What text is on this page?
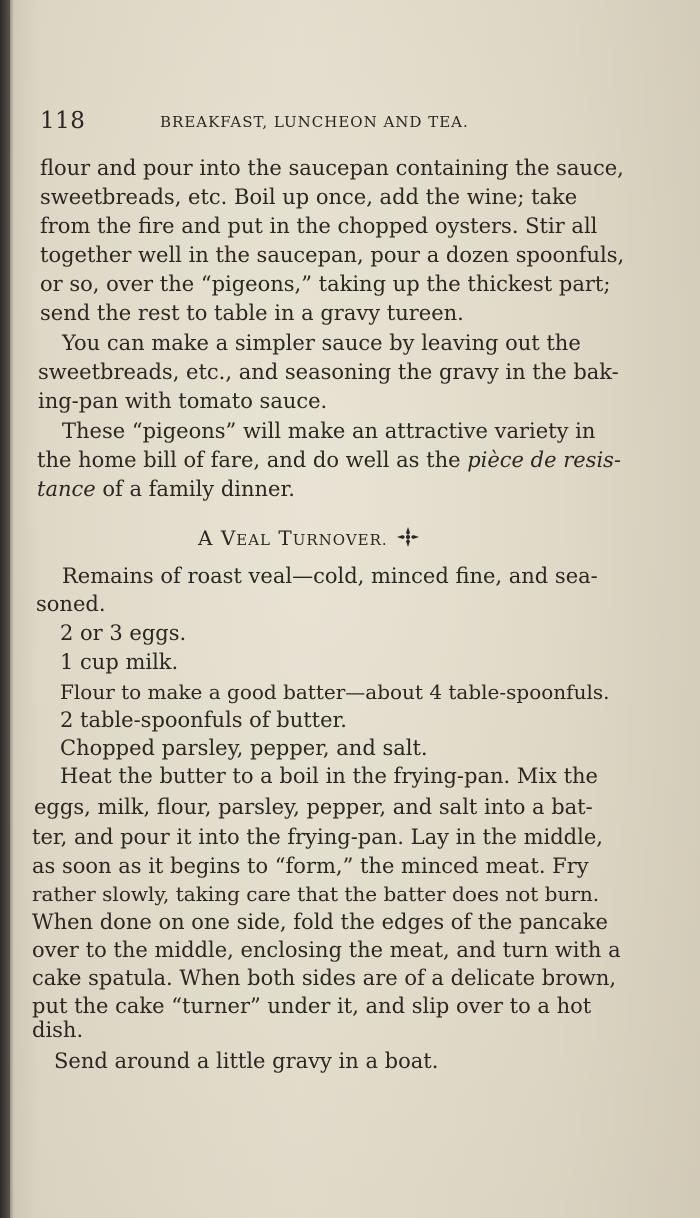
118	BREAKFAST, LUNCHEON AND TEA.
flour and pour into the saucepan containing the sauce,
sweetbreads, etc. Boil up once, add the wine; take
from the fire and put in the chopped oysters. Stir all
together well in the saucepan, pour a dozen spoonfuls,
or so, over the “pigeons,” taking up the thickest part;
send the rest to table in a gravy tureen.
You can make a simpler sauce by leaving out the
sweetbreads, etc., and seasoning the gravy in the bak-
ing-pan with tomato sauce.
These “pigeons” will make an attractive variety in
the home bill of fare, and do well as the pièce de resis-
tance of a family dinner.
A VEAL TURNOVER.
Remains of roast veal—cold, minced fine, and sea-
soned.
2 or 3 eggs.
1 cup milk.
Flour to make a good batter—about 4 table-spoonfuls.
2 table-spoonfuls of butter.
Chopped parsley, pepper, and salt.
Heat the butter to a boil in the frying-pan. Mix the
eggs, milk, flour, parsley, pepper, and salt into a bat-
ter, and pour it into the frying-pan. Lay in the middle,
as soon as it begins to “form,” the minced meat. Fry
rather slowly, taking care that the batter does not burn.
When done on one side, fold the edges of the pancake
over to the middle, enclosing the meat, and turn with a
cake spatula. When both sides are of a delicate brown,
put the cake “turner” under it, and slip over to a hot
dish.
Send around a little gravy in a boat.
